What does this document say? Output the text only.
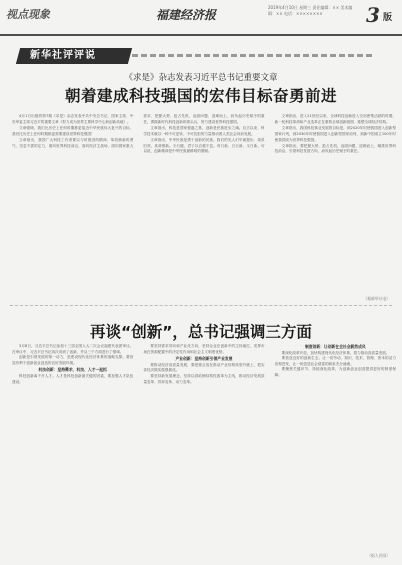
视点现象	福建经济报
2019年4月10日 星期三 责任编辑：×× 美术编辑：×× 电话：××××××××	3 版
新华社评评说
《求是》杂志发表习近平总书记重要文章
朝着建成科技强国的宏伟目标奋勇前进

4月1日出版的第7期《求是》杂志发表中共中央总书记、国家主席、中央军委主席习近平的重要文章《努力成为世界主要科学中心和创新高地》。

文章强调，我们比历史上任何时期都更接近中华民族伟大复兴的目标，我们比历史上任何时期都更需要建设世界科技强国！

文章指出，我国广大科技工作者要以与时俱进的精神、革故鼎新的勇气、坚忍不拔的定力，面向世界科技前沿、面向经济主战场、面向国家重大需求，把握大势、抢占先机，直面问题、迎难而上，肩负起历史赋予的重任，勇做新时代科技创新的排头兵，努力建设世界科技强国。

文章指出，科技是国家强盛之基，创新是民族进步之魂。自古以来，科学技术就以一种不可逆转、不可抗拒的力量推动着人类社会向前发展。

文章指出，中华民族是勇于创新的民族。我们的先人们早就提出：周虽旧邦，其命维新。天行健，君子以自强不息。苟日新，日日新，又日新。可以说，创新精神是中华民族最鲜明的禀赋。

文章指出，进入21世纪以来，全球科技创新进入空前密集活跃的时期，新一轮科技革命和产业变革正在重构全球创新版图、重塑全球经济结构。

文章指出，我国科技事业发展的目标是，到2020年时使我国进入创新型国家行列，到2030年时使我国进入创新型国家前列，到新中国成立100年时使我国成为世界科技强国。

文章指出，要把握大势、抢占先机，直面问题、迎难而上，瞄准世界科技前沿，引领科技发展方向，肩负起历史赋予的重任。

（据新华社电）
再谈“创新”，总书记强调三方面

3月8日，习近平总书记参加十三届全国人大二次会议福建代表团审议。在审议中，习近平总书记再次谈到了创新，并从三个方面进行了强调。

创新是引领发展的第一动力，是建设现代化经济体系的战略支撑。要营造有利于创新创业创造的良好发展环境。

科技创新：坚持需求、科技、人才一起抓

科技创新离不开人才。人才是科技创新最关键的因素，要加强人才队伍建设。

要坚持需求导向和产业化方向，坚持企业在创新中的主体地位，发挥市场在资源配置中的决定性作用和社会主义制度优势。

产业创新：坚持创新引领产业发展

要推动经济高质量发展，要把重点放在推动产业结构转型升级上，把实体经济做实做强做优。

要坚持新发展理念，坚持以供给侧结构性改革为主线，推动经济发展质量变革、效率变革、动力变革。

制度创新：让创新在全社会蔚然成风

要深化改革开放，加快构建现代化经济体系，着力推动高质量发展。

要营造良好的创新生态，让一切劳动、知识、技术、管理、资本的活力竞相迸发，让一切创造社会财富的源泉充分涌流。

要聚焦关键环节，持续深化改革，为创新创业创造提供更好的制度保障。

（据人民网）
